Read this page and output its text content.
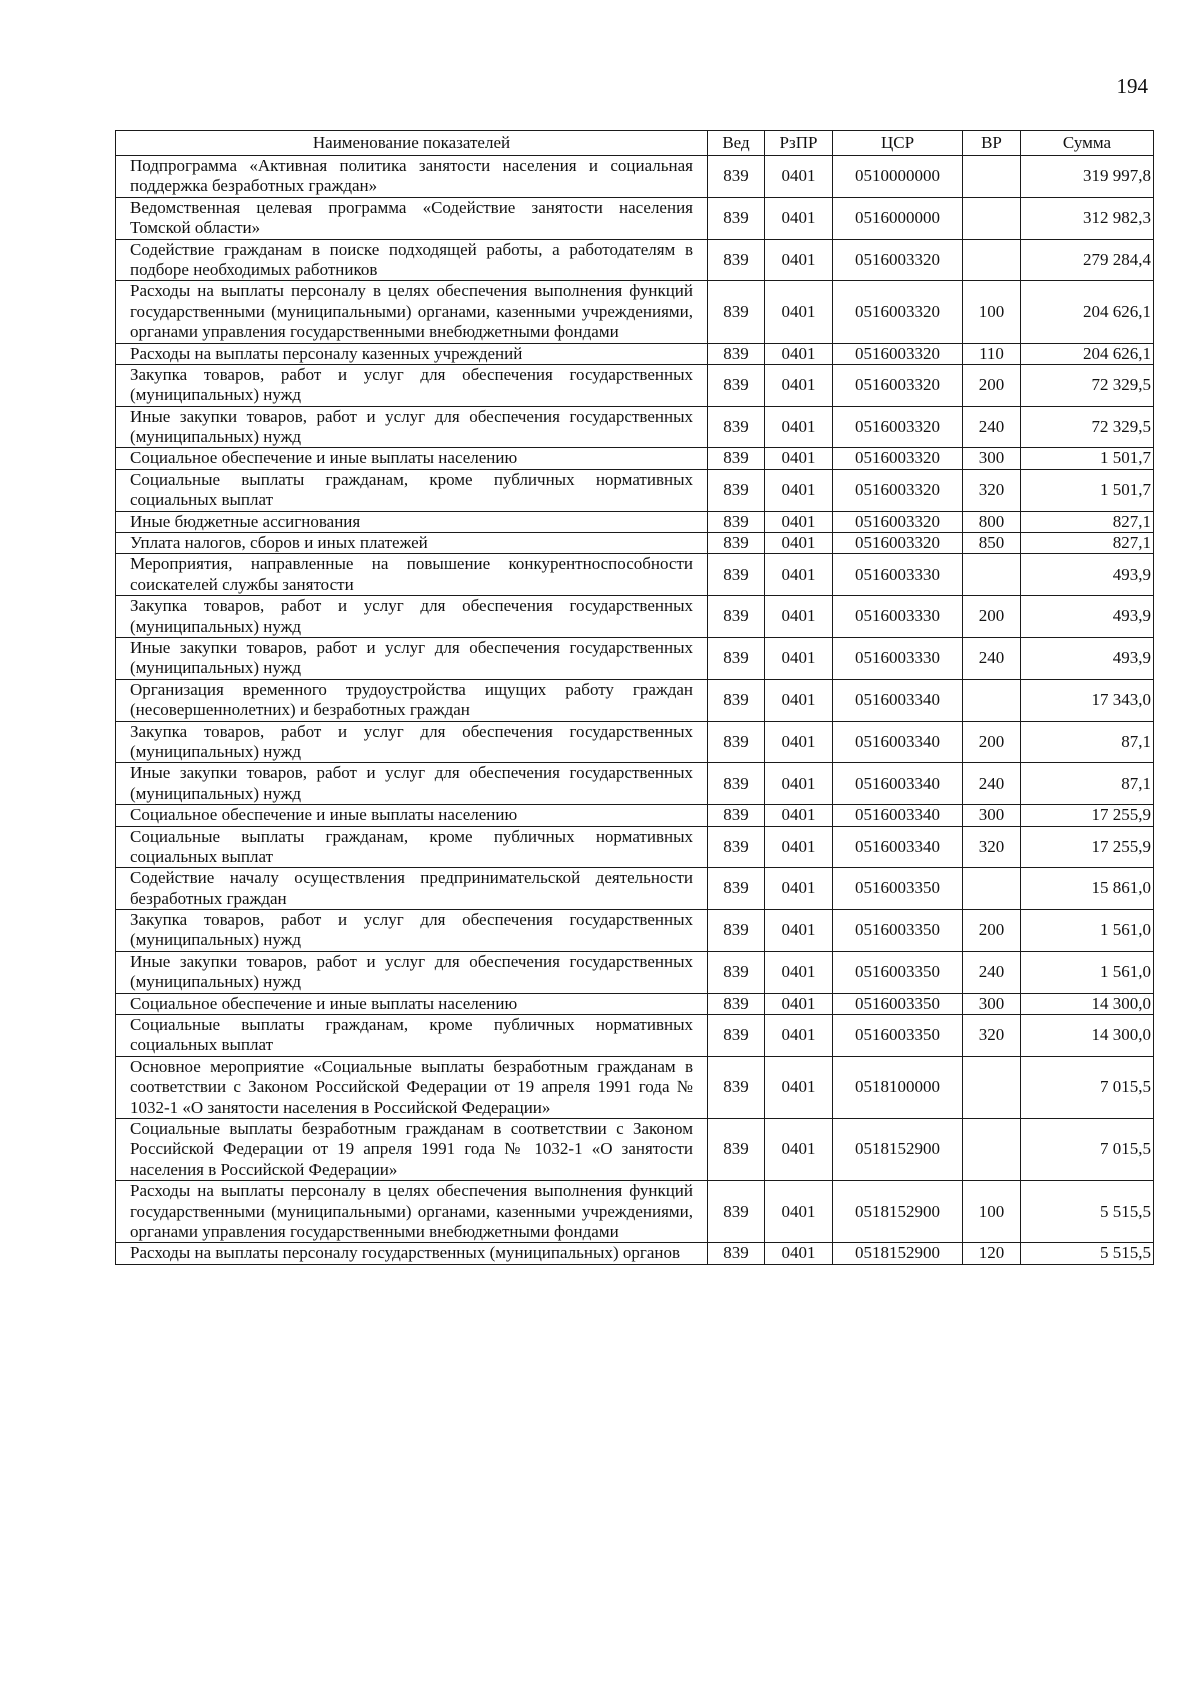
194
Наименование показателей	Вед	РзПР	ЦСР	ВР	Сумма
Подпрограмма «Активная политика занятости населения и социальная поддержка безработных граждан»	839	0401	0510000000		319 997,8
Ведомственная целевая программа «Содействие занятости населения Томской области»	839	0401	0516000000		312 982,3
Содействие гражданам в поиске подходящей работы, а работодателям в подборе необходимых работников	839	0401	0516003320		279 284,4
Расходы на выплаты персоналу в целях обеспечения выполнения функций государственными (муниципальными) органами, казенными учреждениями, органами управления государственными внебюджетными фондами	839	0401	0516003320	100	204 626,1
Расходы на выплаты персоналу казенных учреждений	839	0401	0516003320	110	204 626,1
Закупка товаров, работ и услуг для обеспечения государственных (муниципальных) нужд	839	0401	0516003320	200	72 329,5
Иные закупки товаров, работ и услуг для обеспечения государственных (муниципальных) нужд	839	0401	0516003320	240	72 329,5
Социальное обеспечение и иные выплаты населению	839	0401	0516003320	300	1 501,7
Социальные выплаты гражданам, кроме публичных нормативных социальных выплат	839	0401	0516003320	320	1 501,7
Иные бюджетные ассигнования	839	0401	0516003320	800	827,1
Уплата налогов, сборов и иных платежей	839	0401	0516003320	850	827,1
Мероприятия, направленные на повышение конкурентноспособности соискателей службы занятости	839	0401	0516003330		493,9
Закупка товаров, работ и услуг для обеспечения государственных (муниципальных) нужд	839	0401	0516003330	200	493,9
Иные закупки товаров, работ и услуг для обеспечения государственных (муниципальных) нужд	839	0401	0516003330	240	493,9
Организация временного трудоустройства ищущих работу граждан (несовершеннолетних) и безработных граждан	839	0401	0516003340		17 343,0
Закупка товаров, работ и услуг для обеспечения государственных (муниципальных) нужд	839	0401	0516003340	200	87,1
Иные закупки товаров, работ и услуг для обеспечения государственных (муниципальных) нужд	839	0401	0516003340	240	87,1
Социальное обеспечение и иные выплаты населению	839	0401	0516003340	300	17 255,9
Социальные выплаты гражданам, кроме публичных нормативных социальных выплат	839	0401	0516003340	320	17 255,9
Содействие началу осуществления предпринимательской деятельности безработных граждан	839	0401	0516003350		15 861,0
Закупка товаров, работ и услуг для обеспечения государственных (муниципальных) нужд	839	0401	0516003350	200	1 561,0
Иные закупки товаров, работ и услуг для обеспечения государственных (муниципальных) нужд	839	0401	0516003350	240	1 561,0
Социальное обеспечение и иные выплаты населению	839	0401	0516003350	300	14 300,0
Социальные выплаты гражданам, кроме публичных нормативных социальных выплат	839	0401	0516003350	320	14 300,0
Основное мероприятие «Социальные выплаты безработным гражданам в соответствии с Законом Российской Федерации от 19 апреля 1991 года № 1032-1 «О занятости населения в Российской Федерации»	839	0401	0518100000		7 015,5
Социальные выплаты безработным гражданам в соответствии с Законом Российской Федерации от 19 апреля 1991 года № 1032-1 «О занятости населения в Российской Федерации»	839	0401	0518152900		7 015,5
Расходы на выплаты персоналу в целях обеспечения выполнения функций государственными (муниципальными) органами, казенными учреждениями, органами управления государственными внебюджетными фондами	839	0401	0518152900	100	5 515,5
Расходы на выплаты персоналу государственных (муниципальных) органов	839	0401	0518152900	120	5 515,5
